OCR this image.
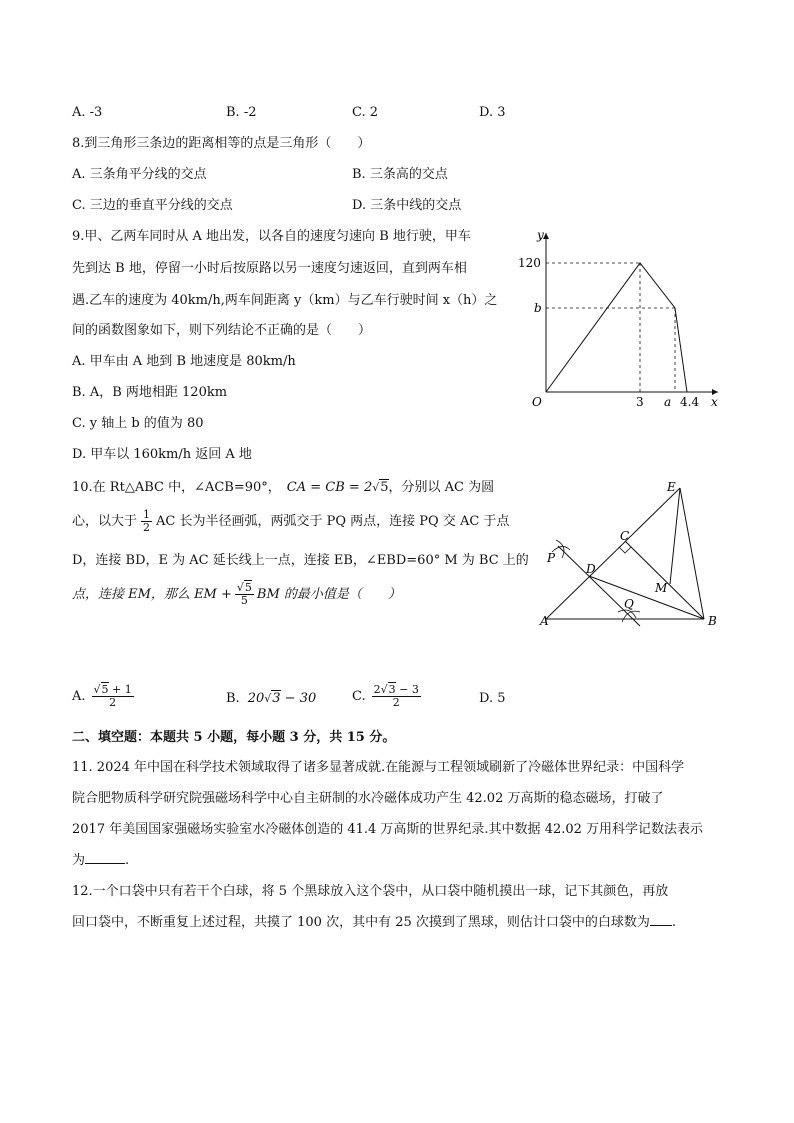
A. -3	B. -2	C. 2	D. 3
8.到三角形三条边的距离相等的点是三角形（　　）
A. 三条角平分线的交点	B. 三条高的交点
C. 三边的垂直平分线的交点	D. 三条中线的交点
9.甲、乙两车同时从 A 地出发，以各自的速度匀速向 B 地行驶，甲车
先到达 B 地，停留一小时后按原路以另一速度匀速返回，直到两车相
遇.乙车的速度为 40km/h,两车间距离 y（km）与乙车行驶时间 x（h）之
间的函数图象如下，则下列结论不正确的是（　　）
A. 甲车由 A 地到 B 地速度是 80km/h
B. A，B 两地相距 120km
C. y 轴上 b 的值为 80
D. 甲车以 160km/h 返回 A 地
y
x
O
120
b
3 a 4.4
10.在 Rt△ABC 中，∠ACB=90°， CA = CB = 2√5，分别以 AC 为圆
心，以大于 $\frac{1}{2}$ AC 长为半径画弧，两弧交于 PQ 两点，连接 PQ 交 AC 于点
D，连接 BD，E 为 AC 延长线上一点，连接 EB，∠EBD=60° M 为 BC 上的
点，连接 EM，那么 EM + $\frac{√5}{5}$ BM 的最小值是（　　）
E
C
P
D
M
Q
A	B
A. $\frac{√5 + 1}{2}$	B. 20√3 − 30	C. $\frac{2√3 - 3}{2}$	D. 5
二、填空题：本题共 5 小题，每小题 3 分，共 15 分。
11. 2024 年中国在科学技术领域取得了诸多显著成就.在能源与工程领域刷新了冷磁体世界纪录：中国科学
院合肥物质科学研究院强磁场科学中心自主研制的水冷磁体成功产生 42.02 万高斯的稳态磁场，打破了
2017 年美国国家强磁场实验室水冷磁体创造的 41.4 万高斯的世界纪录.其中数据 42.02 万用科学记数法表示
为	.
12.一个口袋中只有若干个白球，将 5 个黑球放入这个袋中，从口袋中随机摸出一球，记下其颜色，再放
回口袋中，不断重复上述过程，共摸了 100 次，其中有 25 次摸到了黑球，则估计口袋中的白球数为 .
